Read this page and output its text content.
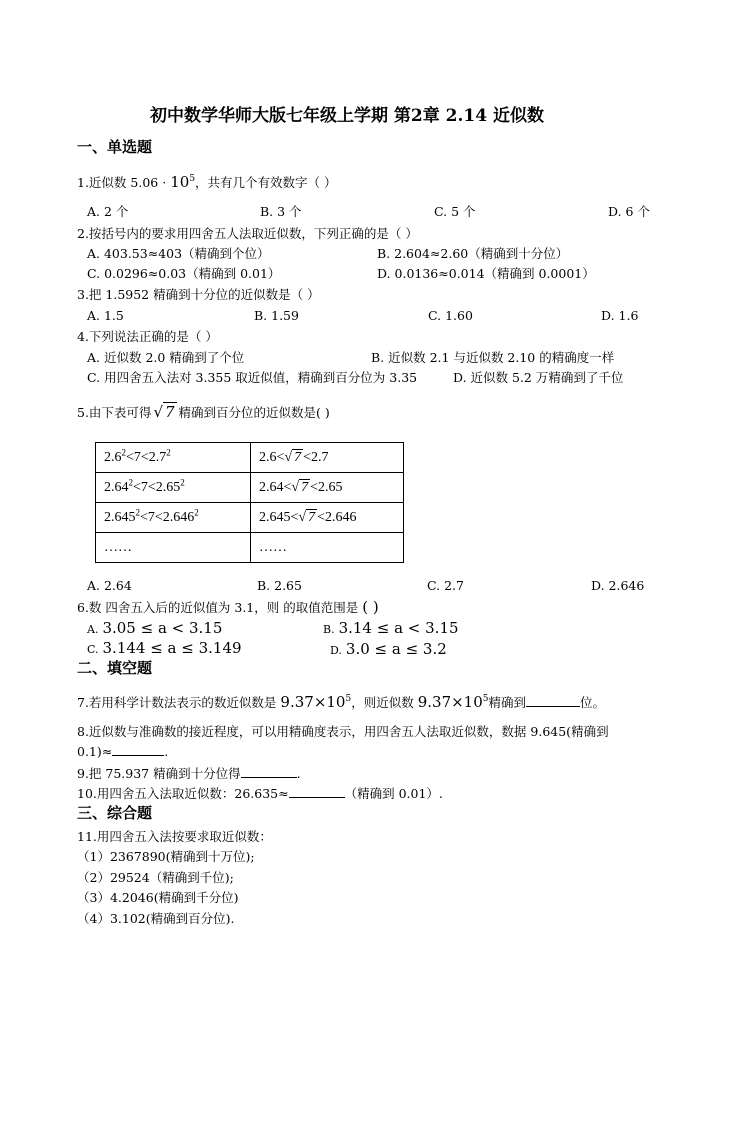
初中数学华师大版七年级上学期 第2章 2.14 近似数
一、单选题
1.近似数 $5.06 \cdot 10^5$，共有几个有效数字（ ）
A. 2 个	B. 3 个	C. 5 个	D. 6 个
2.按括号内的要求用四舍五人法取近似数，下列正确的是（ ）
A. 403.53≈403（精确到个位）	B. 2.604≈2.60（精确到十分位）
C. 0.0296≈0.03（精确到 0.01）	D. 0.0136≈0.014（精确到 0.0001）
3.把 1.5952 精确到十分位的近似数是（ ）
A. 1.5	B. 1.59	C. 1.60	D. 1.6
4.下列说法正确的是（ ）
A. 近似数 2.0 精确到了个位	B. 近似数 2.1 与近似数 2.10 的精确度一样
C. 用四舍五入法对 3.355 取近似值，精确到百分位为 3.35	D. 近似数 5.2 万精确到了千位
5.由下表可得 √ 7 精确到百分位的近似数是( )
$2.6^2<7<2.7^2$	2.6<√ 7 <2.7
$2.64^2<7<2.65^2$	2.64<√ 7 <2.65
$2.645^2<7<2.646^2$	2.645<√ 7 <2.646
……	……
A. 2.64	B. 2.65	C. 2.7	D. 2.646
6.数 四舍五入后的近似值为 3.1，则 的取值范围是 ( )
A. 3.05 ≤ a < 3.15	B. 3.14 ≤ a < 3.15
C. 3.144 ≤ a ≤ 3.149	D. 3.0 ≤ a ≤ 3.2
二、填空题
7.若用科学计数法表示的数近似数是 $9.37\times 10^5$，则近似数 $9.37\times 10^5$精确到	位。
8.近似数与准确数的接近程度，可以用精确度表示，用四舍五人法取近似数，数据 9.645(精确到
0.1)≈	.
9.把 75.937 精确到十分位得	.
10.用四舍五入法取近似数：26.635≈	（精确到 0.01）.
三、综合题
11.用四舍五入法按要求取近似数：
（1）2367890(精确到十万位);
（2）29524（精确到千位);
（3）4.2046(精确到千分位)
（4）3.102(精确到百分位).
